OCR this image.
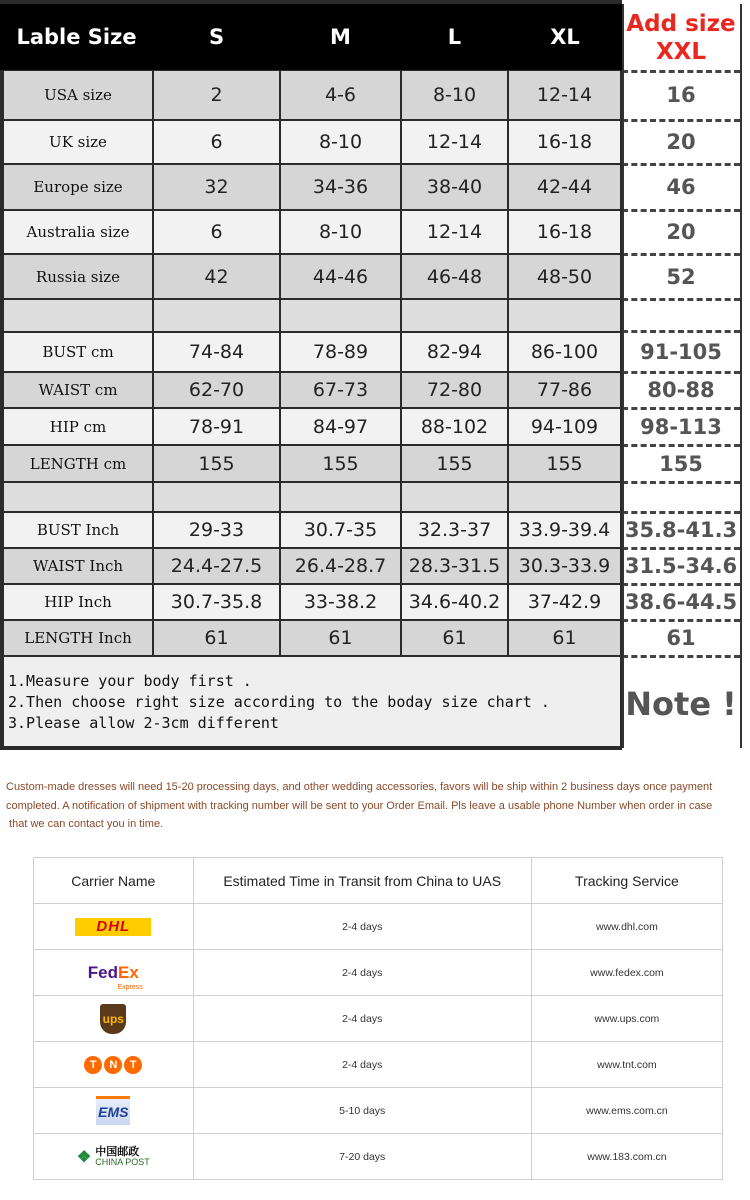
Lable Size	S	M	L	XL	Add size
XXL
USA size	2	4-6	8-10	12-14	16
UK size	6	8-10	12-14	16-18	20
Europe size	32	34-36	38-40	42-44	46
Australia size	6	8-10	12-14	16-18	20
Russia size	42	44-46	46-48	48-50	52
BUST cm	74-84	78-89	82-94	86-100	91-105
WAIST cm	62-70	67-73	72-80	77-86	80-88
HIP cm	78-91	84-97	88-102	94-109	98-113
LENGTH cm	155	155	155	155	155
BUST Inch	29-33	30.7-35	32.3-37	33.9-39.4 35.8-41.3
WAIST Inch	24.4-27.5	26.4-28.7	28.3-31.5 30.3-33.9 31.5-34.6
HIP Inch	30.7-35.8	33-38.2	34.6-40.2	37-42.9	38.6-44.5
LENGTH Inch	61	61	61	61	61
1.Measure your body first .
2.Then choose right size according to the boday size chart .
3.Please allow 2-3cm different	Note !

Custom-made dresses will need 15-20 processing days, and other wedding accessories, favors will be ship within 2 business days once payment

completed. A notification of shipment with tracking number will be sent to your Order Email. Pls leave a usable phone Number when order in case

that we can contact you in time.

Carrier Name	Estimated Time in Transit from China to UAS	Tracking Service
DHL	2-4 days	www.dhl.com

Fed Ex
Express	2-4 days	www.fedex.com
ups	2-4 days	www.ups.com

T N T	2-4 days	www.tnt.com
EMS	5-10 days	www.ems.com.cn

❖ 中国邮政
CHINA POST	7-20 days	www.183.com.cn
